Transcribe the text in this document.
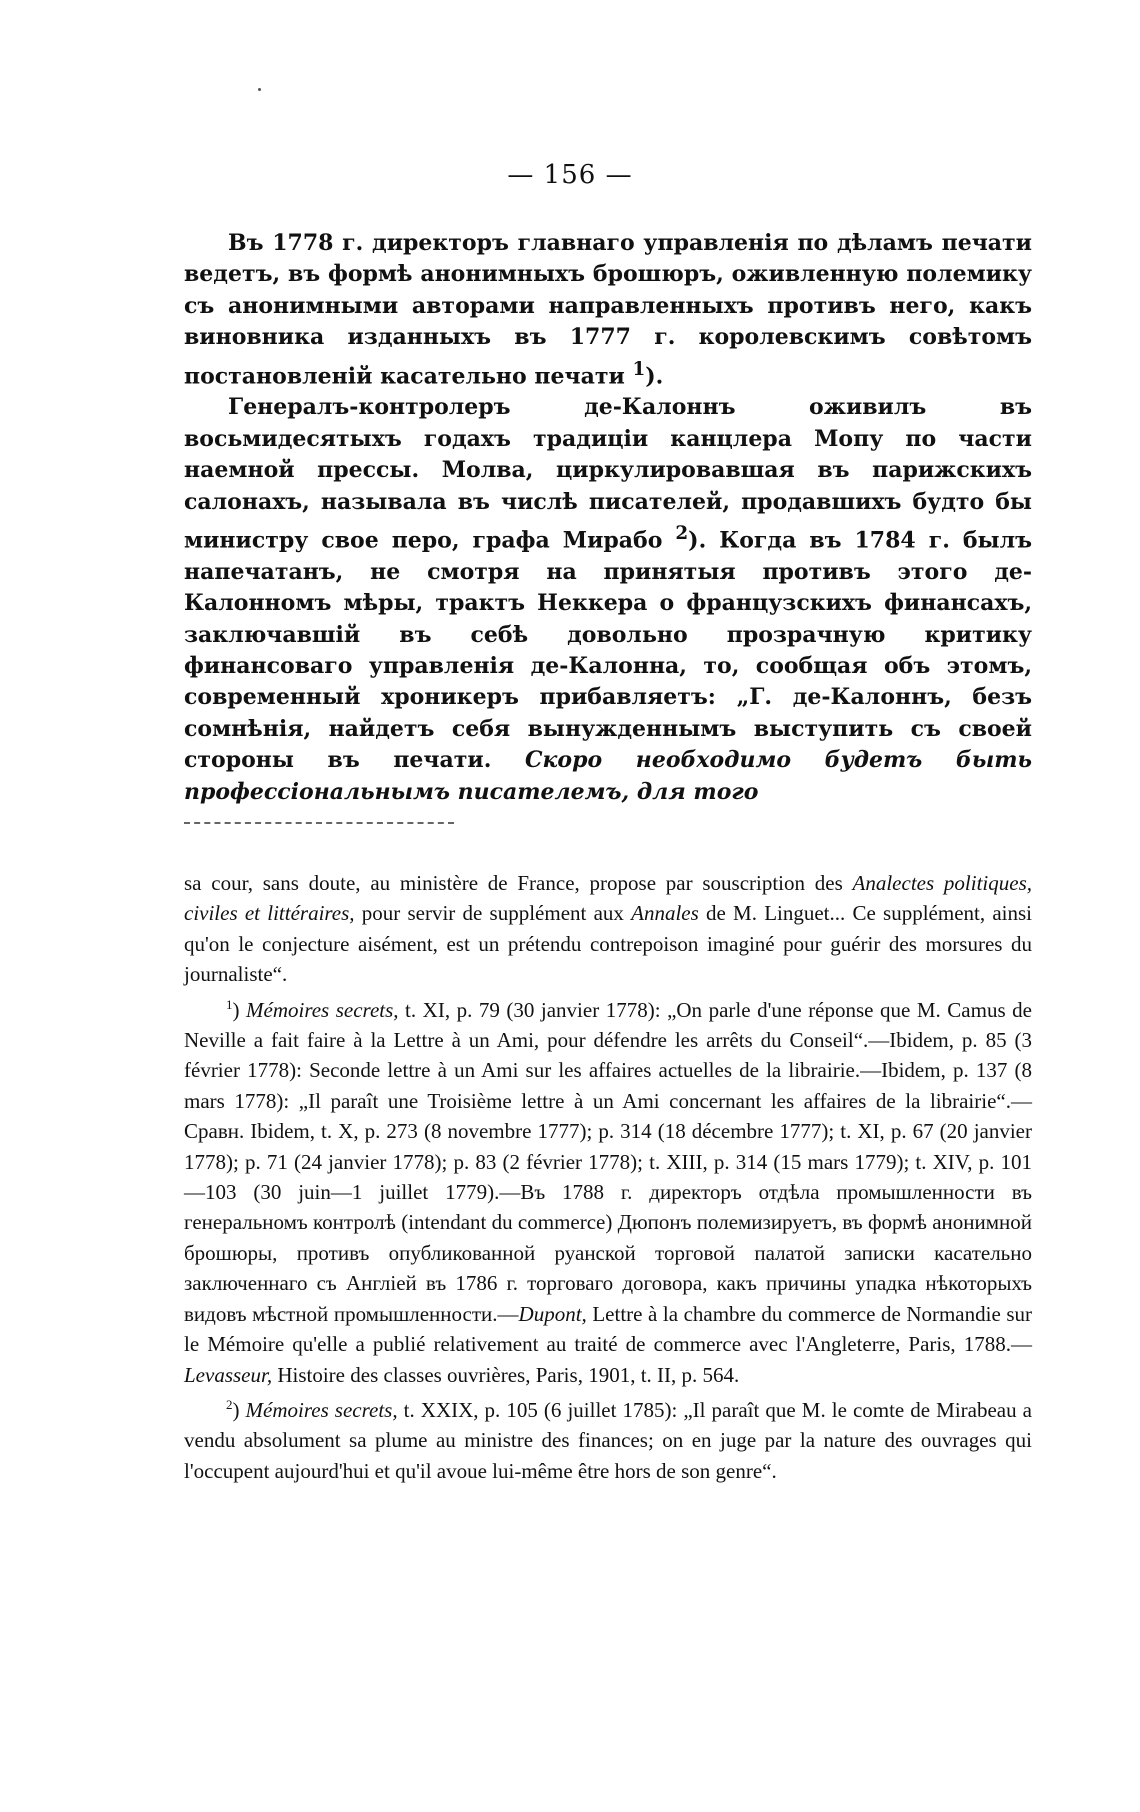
— 156 —

Въ 1778 г. директоръ главнаго управленія по дѣламъ печати ведетъ, въ формѣ анонимныхъ брошюръ, оживленную полемику съ анонимными авторами направленныхъ противъ него, какъ виновника изданныхъ въ 1777 г. королевскимъ совѣтомъ постановленій касательно печати $^1$).

Генералъ-контролеръ де-Калоннъ оживилъ въ восьмидесятыхъ годахъ традиціи канцлера Мопу по части наемной прессы. Молва, циркулировавшая въ парижскихъ салонахъ, называла въ числѣ писателей, продавшихъ будто бы министру свое перо, графа Мирабо $^2$). Когда въ 1784 г. былъ напечатанъ, не смотря на принятыя противъ этого де-Калонномъ мѣры, трактъ Неккера о французскихъ финансахъ, заключавшій въ себѣ довольно прозрачную критику финансоваго управленія де-Калонна, то, сообщая объ этомъ, современный хроникеръ прибавляетъ: „Г. де-Калоннъ, безъ сомнѣнія, найдетъ себя вынужденнымъ выступить съ своей стороны въ печати. Скоро необходимо будетъ быть профессіональнымъ писателемъ, для того

sa cour, sans doute, au ministère de France, propose par souscription des Analectes politiques, civiles et littéraires, pour servir de supplément aux Annales de M. Linguet... Ce supplément, ainsi qu'on le conjecture aisément, est un prétendu contrepoison imaginé pour guérir des morsures du journaliste“.

$^1$) Mémoires secrets, t. XI, p. 79 (30 janvier 1778): „On parle d'une réponse que M. Camus de Neville a fait faire à la Lettre à un Ami, pour défendre les arrêts du Conseil“.—Ibidem, p. 85 (3 février 1778): Seconde lettre à un Ami sur les affaires actuelles de la librairie.—Ibidem, p. 137 (8 mars 1778): „Il paraît une Troisième lettre à un Ami concernant les affaires de la librairie“.— Сравн. Ibidem, t. X, p. 273 (8 novembre 1777); p. 314 (18 décembre 1777); t. XI, p. 67 (20 janvier 1778); p. 71 (24 janvier 1778); p. 83 (2 février 1778); t. XIII, p. 314 (15 mars 1779); t. XIV, p. 101—103 (30 juin—1 juillet 1779).—Въ 1788 г. директоръ отдѣла промышленности въ генеральномъ контролѣ (intendant du commerce) Дюпонъ полемизируетъ, въ формѣ анонимной брошюры, противъ опубликованной руанской торговой палатой записки касательно заключеннаго съ Англіей въ 1786 г. торговаго договора, какъ причины упадка нѣкоторыхъ видовъ мѣстной промышленности.—Dupont, Lettre à la chambre du commerce de Normandie sur le Mémoire qu'elle a publié relativement au traité de commerce avec l'Angleterre, Paris, 1788.—Levasseur, Histoire des classes ouvrières, Paris, 1901, t. II, p. 564.

$^2$) Mémoires secrets, t. XXIX, p. 105 (6 juillet 1785): „Il paraît que M. le comte de Mirabeau a vendu absolument sa plume au ministre des finances; on en juge par la nature des ouvrages qui l'occupent aujourd'hui et qu'il avoue lui-même être hors de son genre“.
